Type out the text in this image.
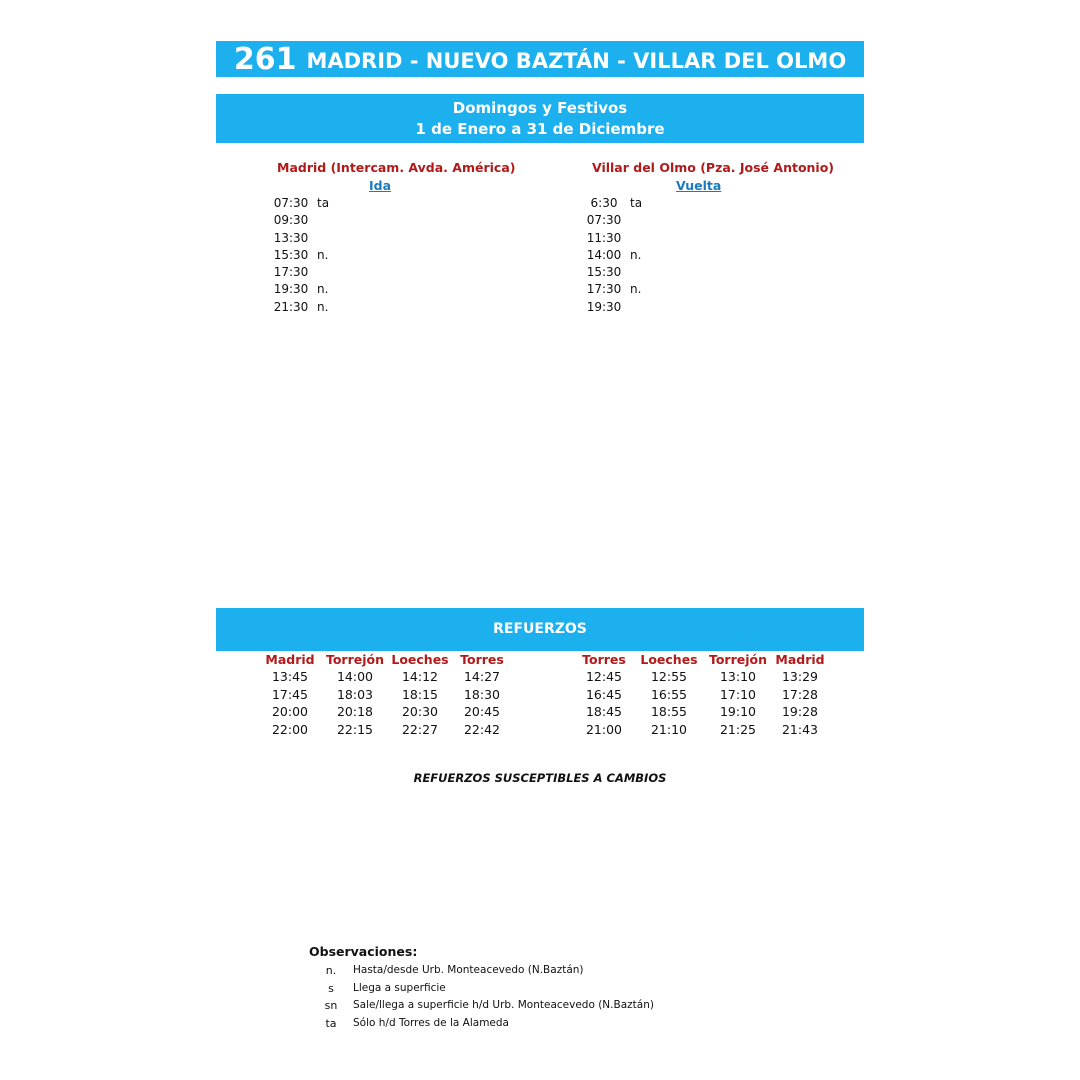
261 MADRID - NUEVO BAZTÁN - VILLAR DEL OLMO
Domingos y Festivos
1 de Enero a 31 de Diciembre
Madrid (Intercam. Avda. América)
Ida
07:30 ta
09:30
13:30
15:30 n.
17:30
19:30 n.
21:30 n.
Villar del Olmo (Pza. José Antonio)
Vuelta
6:30	ta
07:30
11:30
14:00 n.
15:30
17:30 n.
19:30
REFUERZOS
Madrid Torrejón Loeches Torres
13:45	14:00	14:12	14:27
17:45	18:03	18:15	18:30
20:00	20:18	20:30	20:45
22:00	22:15	22:27	22:42
Torres	Loeches Torrejón Madrid
12:45	12:55	13:10	13:29
16:45	16:55	17:10	17:28
18:45	18:55	19:10	19:28
21:00	21:10	21:25	21:43
REFUERZOS SUSCEPTIBLES A CAMBIOS
Observaciones:
n.	Hasta/desde Urb. Monteacevedo (N.Baztán)
s	Llega a superficie
sn	Sale/llega a superficie h/d Urb. Monteacevedo (N.Baztán)
ta	Sólo h/d Torres de la Alameda
